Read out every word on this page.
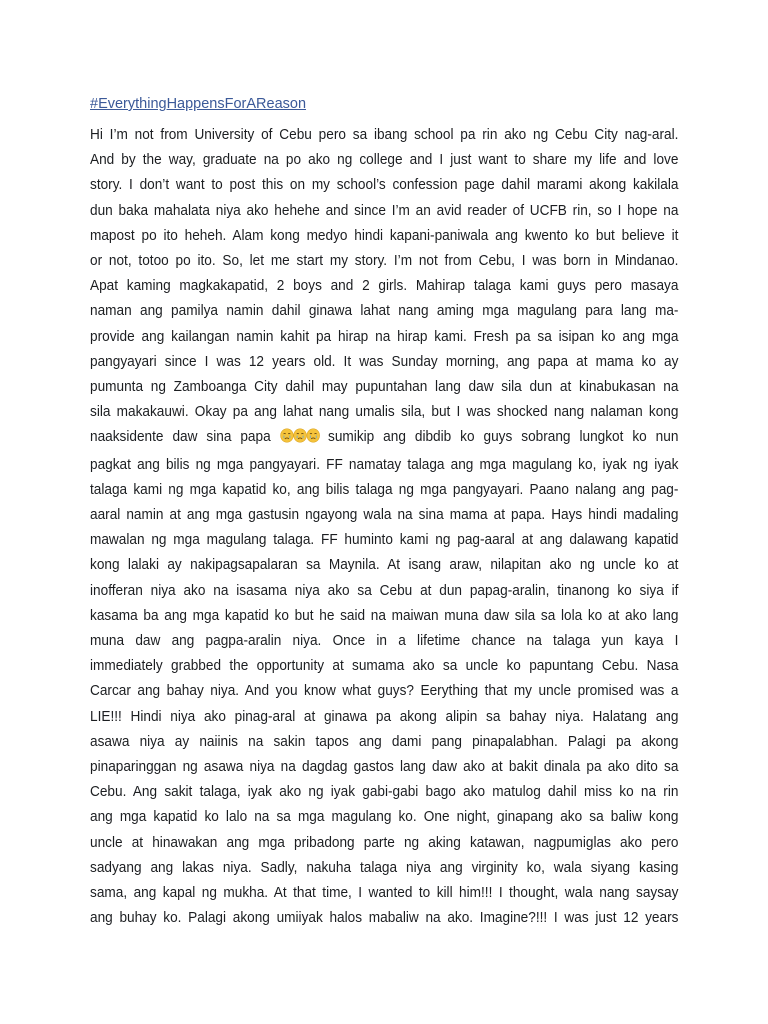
#EverythingHappensForAReason
Hi I’m not from University of Cebu pero sa ibang school pa rin ako ng Cebu City nag-aral.
And by the way, graduate na po ako ng college and I just want to share my life and love
story. I don’t want to post this on my school’s confession page dahil marami akong kakilala
dun baka mahalata niya ako hehehe and since I’m an avid reader of UCFB rin, so I hope na
mapost po ito heheh. Alam kong medyo hindi kapani-paniwala ang kwento ko but believe it
or not, totoo po ito. So, let me start my story. I’m not from Cebu, I was born in Mindanao.
Apat kaming magkakapatid, 2 boys and 2 girls. Mahirap talaga kami guys pero masaya
naman ang pamilya namin dahil ginawa lahat nang aming mga magulang para lang ma-
provide ang kailangan namin kahit pa hirap na hirap kami. Fresh pa sa isipan ko ang mga
pangyayari since I was 12 years old. It was Sunday morning, ang papa at mama ko ay
pumunta ng Zamboanga City dahil may pupuntahan lang daw sila dun at kinabukasan na
sila makakauwi. Okay pa ang lahat nang umalis sila, but I was shocked nang nalaman kong
naaksidente daw sina papa	sumikip ang dibdib ko guys sobrang lungkot ko nun
pagkat ang bilis ng mga pangyayari. FF namatay talaga ang mga magulang ko, iyak ng iyak
talaga kami ng mga kapatid ko, ang bilis talaga ng mga pangyayari. Paano nalang ang pag-
aaral namin at ang mga gastusin ngayong wala na sina mama at papa. Hays hindi madaling
mawalan ng mga magulang talaga. FF huminto kami ng pag-aaral at ang dalawang kapatid
kong lalaki ay nakipagsapalaran sa Maynila. At isang araw, nilapitan ako ng uncle ko at
inofferan niya ako na isasama niya ako sa Cebu at dun papag-aralin, tinanong ko siya if
kasama ba ang mga kapatid ko but he said na maiwan muna daw sila sa lola ko at ako lang
muna daw ang pagpa-aralin niya. Once in a lifetime chance na talaga yun kaya I
immediately grabbed the opportunity at sumama ako sa uncle ko papuntang Cebu. Nasa
Carcar ang bahay niya. And you know what guys? Eerything that my uncle promised was a
LIE!!! Hindi niya ako pinag-aral at ginawa pa akong alipin sa bahay niya. Halatang ang
asawa niya ay naiinis na sakin tapos ang dami pang pinapalabhan. Palagi pa akong
pinaparinggan ng asawa niya na dagdag gastos lang daw ako at bakit dinala pa ako dito sa
Cebu. Ang sakit talaga, iyak ako ng iyak gabi-gabi bago ako matulog dahil miss ko na rin
ang mga kapatid ko lalo na sa mga magulang ko. One night, ginapang ako sa baliw kong
uncle at hinawakan ang mga pribadong parte ng aking katawan, nagpumiglas ako pero
sadyang ang lakas niya. Sadly, nakuha talaga niya ang virginity ko, wala siyang kasing
sama, ang kapal ng mukha. At that time, I wanted to kill him!!! I thought, wala nang saysay
ang buhay ko. Palagi akong umiiyak halos mabaliw na ako. Imagine?!!! I was just 12 years
